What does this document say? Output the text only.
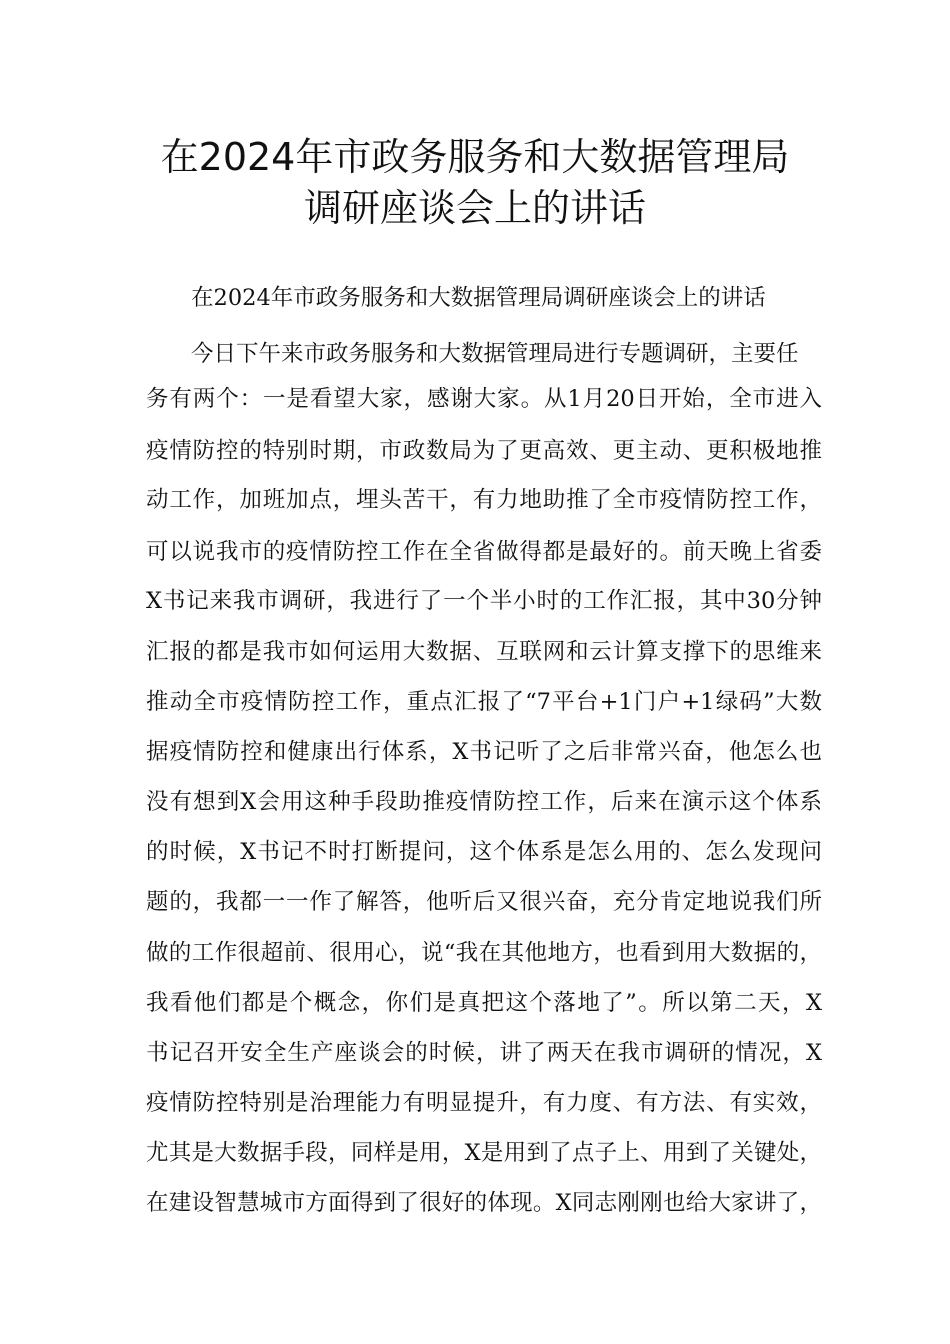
在2024年市政务服务和大数据管理局
调研座谈会上的讲话
在2024年市政务服务和大数据管理局调研座谈会上的讲话
今日下午来市政务服务和大数据管理局进行专题调研，主要任
务有两个：一是看望大家，感谢大家。从1月20日开始，全市进入
疫情防控的特别时期，市政数局为了更高效、更主动、更积极地推
动工作，加班加点，埋头苦干，有力地助推了全市疫情防控工作，
可以说我市的疫情防控工作在全省做得都是最好的。前天晚上省委
X书记来我市调研，我进行了一个半小时的工作汇报，其中30分钟
汇报的都是我市如何运用大数据、互联网和云计算支撑下的思维来
推动全市疫情防控工作，重点汇报了“7平台+1门户+1绿码”大数
据疫情防控和健康出行体系，X书记听了之后非常兴奋，他怎么也
没有想到X会用这种手段助推疫情防控工作，后来在演示这个体系
的时候，X书记不时打断提问，这个体系是怎么用的、怎么发现问
题的，我都一一作了解答，他听后又很兴奋，充分肯定地说我们所
做的工作很超前、很用心，说“我在其他地方，也看到用大数据的，
我看他们都是个概念，你们是真把这个落地了”。所以第二天，X
书记召开安全生产座谈会的时候，讲了两天在我市调研的情况，X
疫情防控特别是治理能力有明显提升，有力度、有方法、有实效，
尤其是大数据手段，同样是用，X是用到了点子上、用到了关键处，
在建设智慧城市方面得到了很好的体现。X同志刚刚也给大家讲了，
